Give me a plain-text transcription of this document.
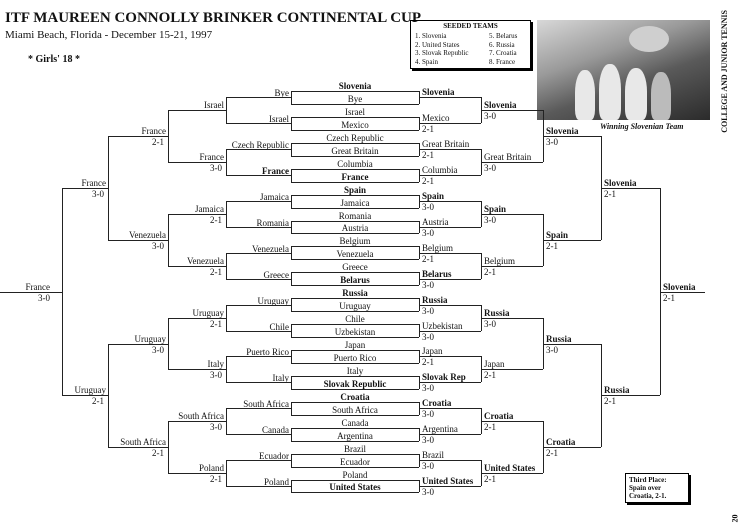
ITF MAUREEN CONNOLLY BRINKER CONTINENTAL CUP
Miami Beach, Florida - December 15-21, 1997
* Girls' 18 *
SEEDED TEAMS
1. Slovenia
2. United States
3. Slovak Republic
4. Spain
5. Belarus
6. Russia
7. Croatia
8. France
Winning Slovenian Team	COLLEGE AND JUNIOR TENNIS
20
Third Place: Spain over Croatia, 2-1.
Slovenia
Bye
Israel
Mexico
Czech Republic
Great Britain
Columbia
France
Spain
Jamaica
Romania
Austria
Belgium
Venezuela
Greece
Belarus
Russia
Uruguay
Chile
Uzbekistan
Japan
Puerto Rico
Italy
Slovak Republic
Croatia
South Africa
Canada
Argentina
Brazil
Ecuador
Poland
United States
Bye
Israel
Czech Republic
France
Jamaica
Romania
Venezuela
Greece
Uruguay
Chile
Puerto Rico
Italy
South Africa
Canada
Ecuador
Poland
Israel
France
3-0
Jamaica
2-1
Venezuela
2-1
Uruguay
2-1
Italy
3-0
South Africa
3-0
Poland
2-1
France
2-1
Venezuela
3-0
Uruguay
3-0
South Africa
2-1
France
3-0
Uruguay
2-1
France
3-0
Slovenia
Mexico
2-1
Great Britain
2-1
Columbia
2-1
Spain
3-0
Austria
3-0
Belgium
2-1
Belarus
3-0
Russia
3-0
Uzbekistan
3-0
Japan
2-1
Slovak Rep
3-0
Croatia
3-0
Argentina
3-0
Brazil
3-0
United States
3-0
Slovenia
3-0
Great Britain
3-0
Spain
3-0
Belgium
2-1
Russia
3-0
Japan
2-1
Croatia
2-1
United States
2-1
Slovenia
3-0
Spain
2-1
Russia
3-0
Croatia
2-1
Slovenia
2-1
Russia
2-1
Slovenia
2-1
